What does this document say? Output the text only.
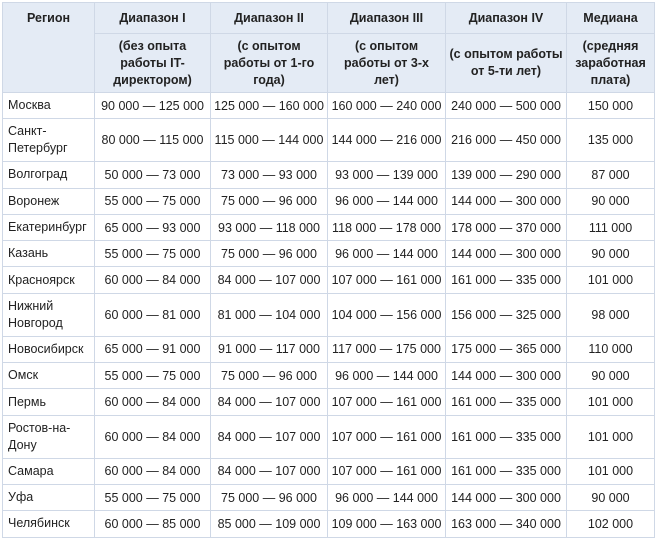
Регион	Диапазон I	Диапазон II	Диапазон III	Диапазон IV	Медиана
	(без опыта работы IT-директором)	(с опытом работы от 1-го года)	(с опытом работы от 3-х лет)	(с опытом работы от 5-ти лет)	(средняя заработная плата)
Москва	90 000 — 125 000	125 000 — 160 000	160 000 — 240 000	240 000 — 500 000	150 000
Санкт-Петербург	80 000 — 115 000	115 000 — 144 000	144 000 — 216 000	216 000 — 450 000	135 000
Волгоград	50 000 — 73 000	73 000 — 93 000	93 000 — 139 000	139 000 — 290 000	87 000
Воронеж	55 000 — 75 000	75 000 — 96 000	96 000 — 144 000	144 000 — 300 000	90 000
Екатеринбург	65 000 — 93 000	93 000 — 118 000	118 000 — 178 000	178 000 — 370 000	111 000
Казань	55 000 — 75 000	75 000 — 96 000	96 000 — 144 000	144 000 — 300 000	90 000
Красноярск	60 000 — 84 000	84 000 — 107 000	107 000 — 161 000	161 000 — 335 000	101 000
Нижний Новгород	60 000 — 81 000	81 000 — 104 000	104 000 — 156 000	156 000 — 325 000	98 000
Новосибирск	65 000 — 91 000	91 000 — 117 000	117 000 — 175 000	175 000 — 365 000	110 000
Омск	55 000 — 75 000	75 000 — 96 000	96 000 — 144 000	144 000 — 300 000	90 000
Пермь	60 000 — 84 000	84 000 — 107 000	107 000 — 161 000	161 000 — 335 000	101 000
Ростов-на-Дону	60 000 — 84 000	84 000 — 107 000	107 000 — 161 000	161 000 — 335 000	101 000
Самара	60 000 — 84 000	84 000 — 107 000	107 000 — 161 000	161 000 — 335 000	101 000
Уфа	55 000 — 75 000	75 000 — 96 000	96 000 — 144 000	144 000 — 300 000	90 000
Челябинск	60 000 — 85 000	85 000 — 109 000	109 000 — 163 000	163 000 — 340 000	102 000
